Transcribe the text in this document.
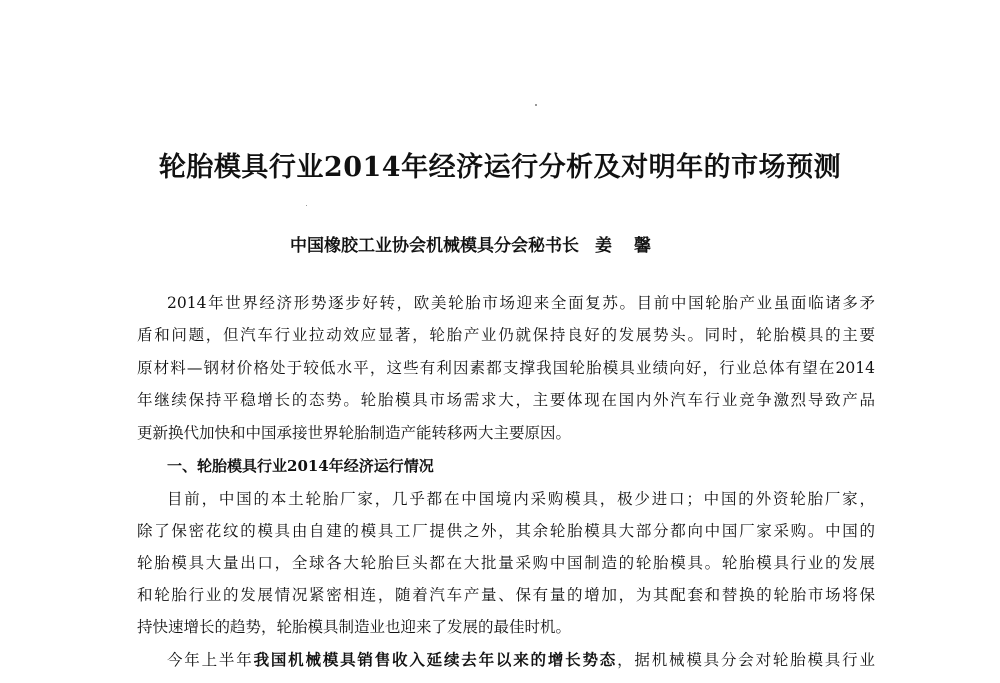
轮胎模具行业2014年经济运行分析及对明年的市场预测
中国橡胶工业协会机械模具分会秘书长 姜 馨
2014年世界经济形势逐步好转，欧美轮胎市场迎来全面复苏。目前中国轮胎产业虽面临诸多矛
盾和问题，但汽车行业拉动效应显著，轮胎产业仍就保持良好的发展势头。同时，轮胎模具的主要
原材料—钢材价格处于较低水平，这些有利因素都支撑我国轮胎模具业绩向好，行业总体有望在2014
年继续保持平稳增长的态势。轮胎模具市场需求大，主要体现在国内外汽车行业竞争激烈导致产品
更新换代加快和中国承接世界轮胎制造产能转移两大主要原因。
一、轮胎模具行业2014年经济运行情况
目前，中国的本土轮胎厂家，几乎都在中国境内采购模具，极少进口；中国的外资轮胎厂家，
除了保密花纹的模具由自建的模具工厂提供之外，其余轮胎模具大部分都向中国厂家采购。中国的
轮胎模具大量出口，全球各大轮胎巨头都在大批量采购中国制造的轮胎模具。轮胎模具行业的发展
和轮胎行业的发展情况紧密相连，随着汽车产量、保有量的增加，为其配套和替换的轮胎市场将保
持快速增长的趋势，轮胎模具制造业也迎来了发展的最佳时机。
今年上半年我国机械模具销售收入延续去年以来的增长势态，据机械模具分会对轮胎模具行业
